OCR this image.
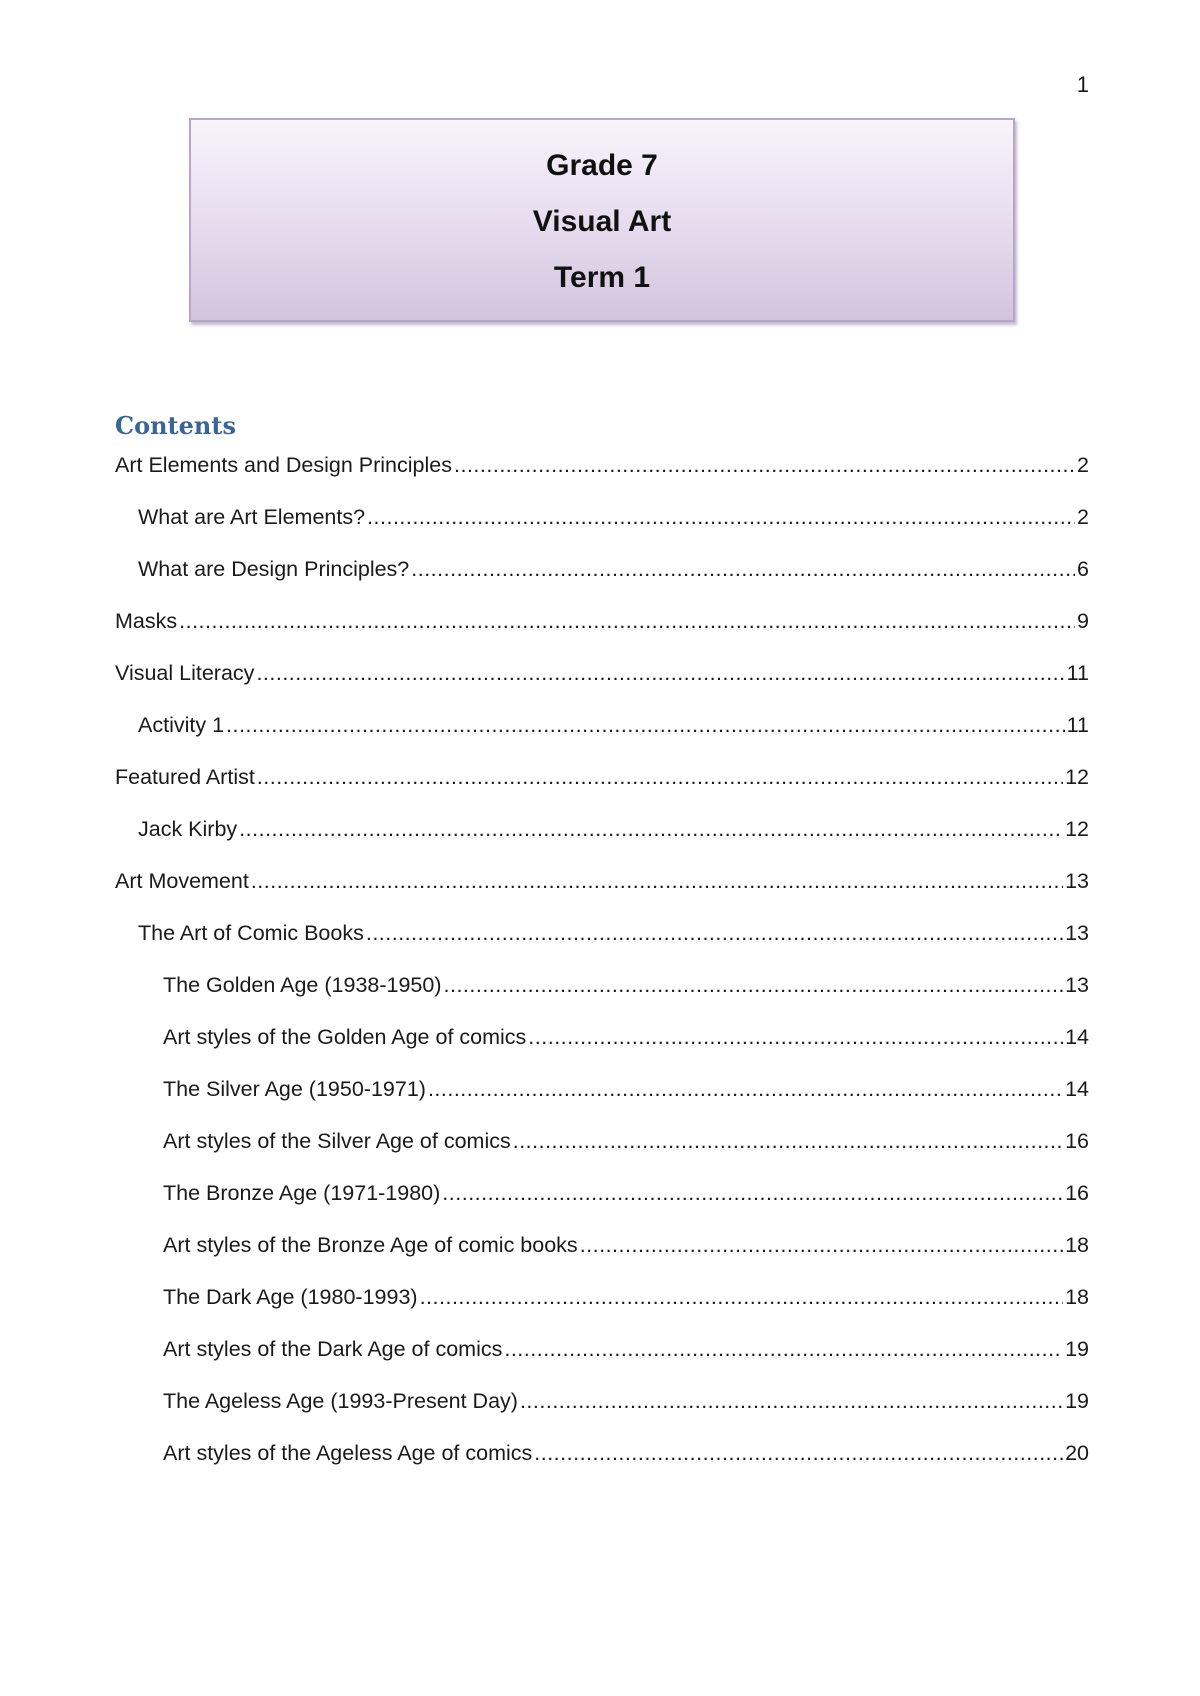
1
Grade 7
Visual Art
Term 1
Contents
Art Elements and Design Principles .....	2
What are Art Elements? .....	2
What are Design Principles? .....	6
Masks .....	9
Visual Literacy .....	11
Activity 1 .....	11
Featured Artist .....	12
Jack Kirby .....	12
Art Movement .....	13
The Art of Comic Books .....	13
The Golden Age (1938-1950) .....	13
Art styles of the Golden Age of comics .....	14
The Silver Age (1950-1971) .....	14
Art styles of the Silver Age of comics .....	16
The Bronze Age (1971-1980) .....	16
Art styles of the Bronze Age of comic books .....	18
The Dark Age (1980-1993) .....	18
Art styles of the Dark Age of comics .....	19
The Ageless Age (1993-Present Day) .....	19
Art styles of the Ageless Age of comics .....	20
